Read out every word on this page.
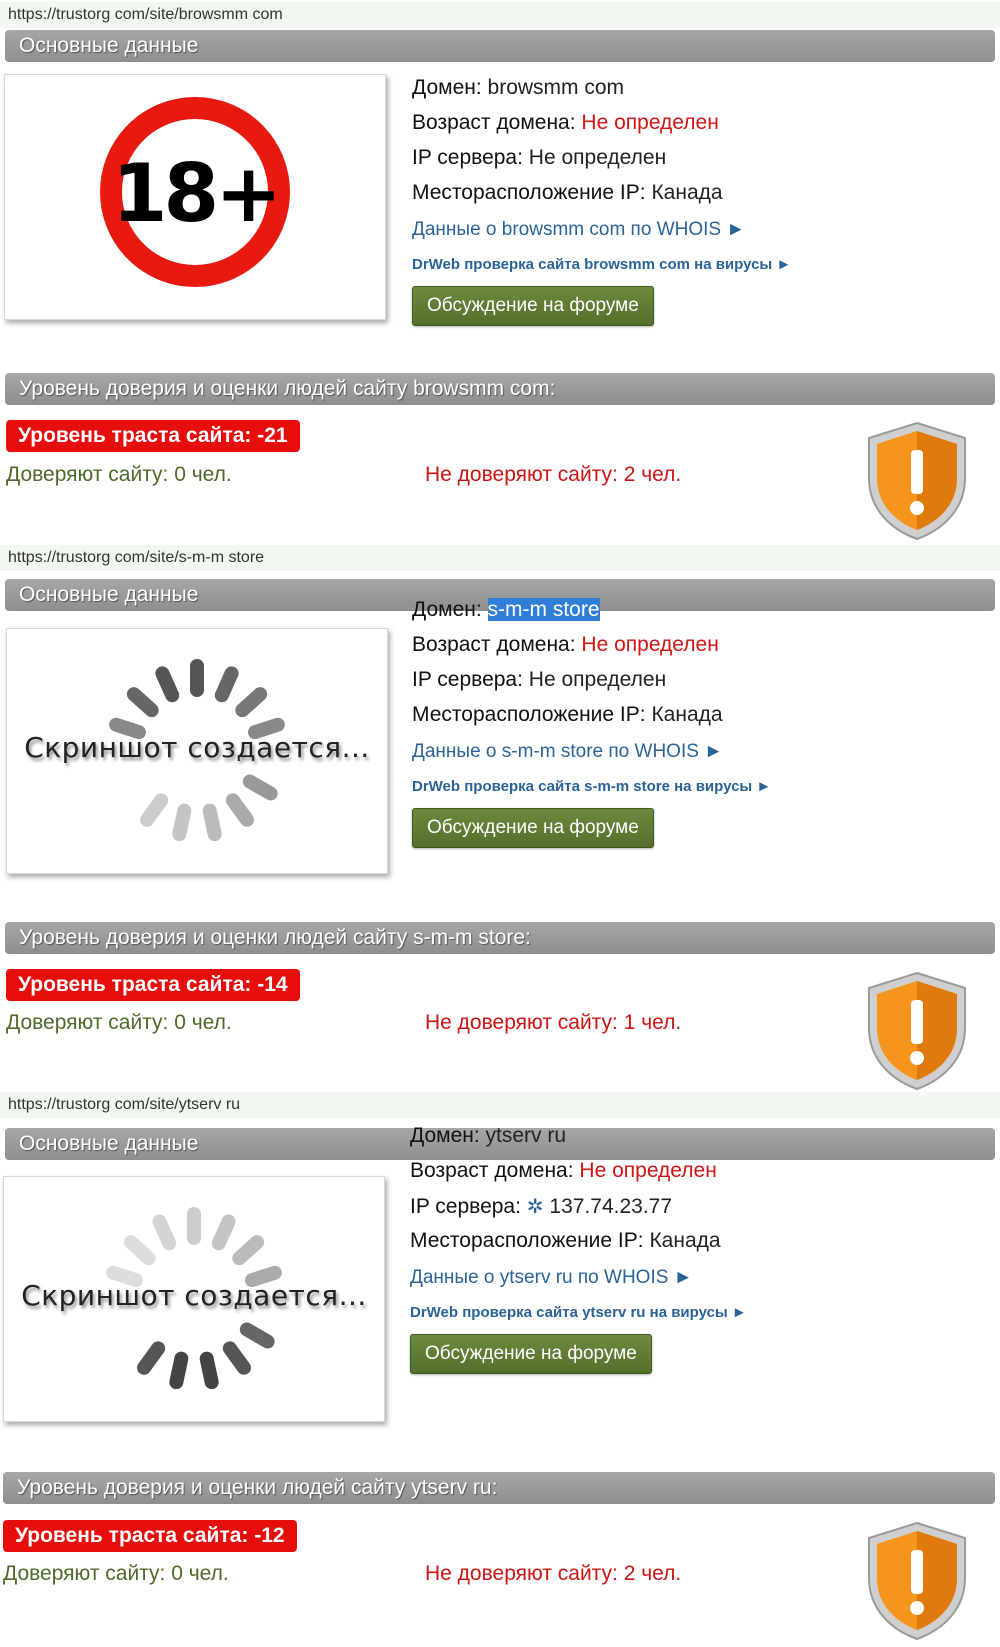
https://trustorg com/site/browsmm com
Основные данные
18+
Домен: browsmm com
Возраст домена: Не определен
IP сервера: Не определен
Месторасположение IP: Канада
Данные о browsmm com по WHOIS ►
DrWeb проверка сайта browsmm com на вирусы ►
Обсуждение на форуме
Уровень доверия и оценки людей сайту browsmm com:
Уровень траста сайта: -21
Доверяют сайту: 0 чел.	Не доверяют сайту: 2 чел.
https://trustorg com/site/s-m-m store
Основные данные
Скриншот создается...
Домен: s-m-m store
Возраст домена: Не определен
IP сервера: Не определен
Месторасположение IP: Канада
Данные о s-m-m store по WHOIS ►
DrWeb проверка сайта s-m-m store на вирусы ►
Обсуждение на форуме
Уровень доверия и оценки людей сайту s-m-m store:
Уровень траста сайта: -14
Доверяют сайту: 0 чел.	Не доверяют сайту: 1 чел.
https://trustorg com/site/ytserv ru
Основные данные
Скриншот создается...
Домен: ytserv ru
Возраст домена: Не определен
IP сервера: ✲ 137.74.23.77
Месторасположение IP: Канада
Данные о ytserv ru по WHOIS ►
DrWeb проверка сайта ytserv ru на вирусы ►
Обсуждение на форуме
Уровень доверия и оценки людей сайту ytserv ru:
Уровень траста сайта: -12
Доверяют сайту: 0 чел.	Не доверяют сайту: 2 чел.
